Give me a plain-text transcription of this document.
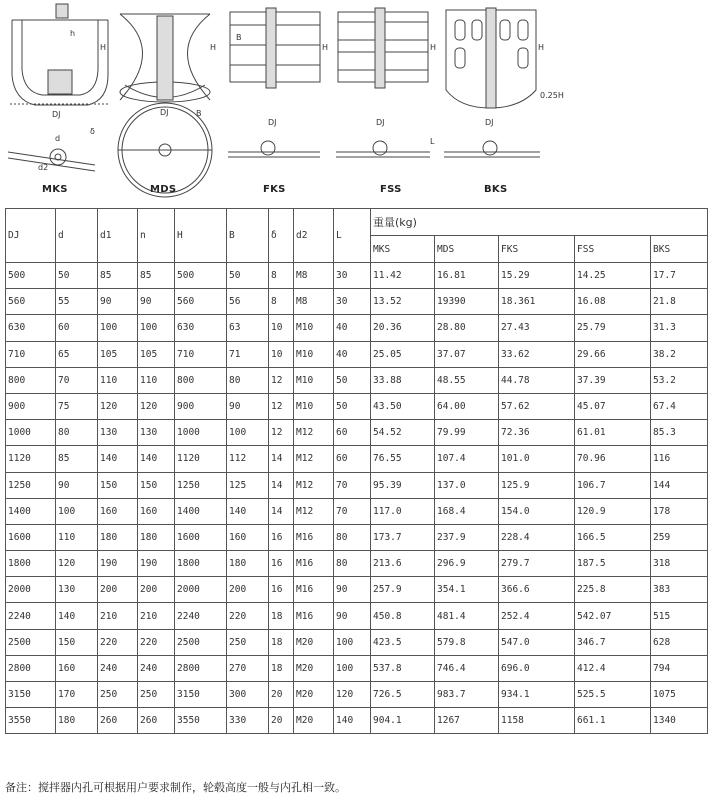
H
DJ
h
H
DJ
B
H	H	H
0.25H
DJ	DJ	DJ
L
d
d2
δ
B
MKS	MDS	FKS	FSS	BKS
DJ	d	d1	n	H	B	δ	d2	L	重量(kg)				
									MKS	MDS	FKS	FSS	BKS
500	50	85	85	500	50	8	M8	30	11.42	16.81	15.29	14.25	17.7
560	55	90	90	560	56	8	M8	30	13.52	19390	18.361	16.08	21.8
630	60	100	100	630	63	10	M10	40	20.36	28.80	27.43	25.79	31.3
710	65	105	105	710	71	10	M10	40	25.05	37.07	33.62	29.66	38.2
800	70	110	110	800	80	12	M10	50	33.88	48.55	44.78	37.39	53.2
900	75	120	120	900	90	12	M10	50	43.50	64.00	57.62	45.07	67.4
1000	80	130	130	1000	100	12	M12	60	54.52	79.99	72.36	61.01	85.3
1120	85	140	140	1120	112	14	M12	60	76.55	107.4	101.0	70.96	116
1250	90	150	150	1250	125	14	M12	70	95.39	137.0	125.9	106.7	144
1400	100	160	160	1400	140	14	M12	70	117.0	168.4	154.0	120.9	178
1600	110	180	180	1600	160	16	M16	80	173.7	237.9	228.4	166.5	259
1800	120	190	190	1800	180	16	M16	80	213.6	296.9	279.7	187.5	318
2000	130	200	200	2000	200	16	M16	90	257.9	354.1	366.6	225.8	383
2240	140	210	210	2240	220	18	M16	90	450.8	481.4	252.4	542.07	515
2500	150	220	220	2500	250	18	M20	100	423.5	579.8	547.0	346.7	628
2800	160	240	240	2800	270	18	M20	100	537.8	746.4	696.0	412.4	794
3150	170	250	250	3150	300	20	M20	120	726.5	983.7	934.1	525.5	1075
3550	180	260	260	3550	330	20	M20	140	904.1	1267	1158	661.1	1340
备注：搅拌器内孔可根据用户要求制作，轮毂高度一般与内孔相一致。
